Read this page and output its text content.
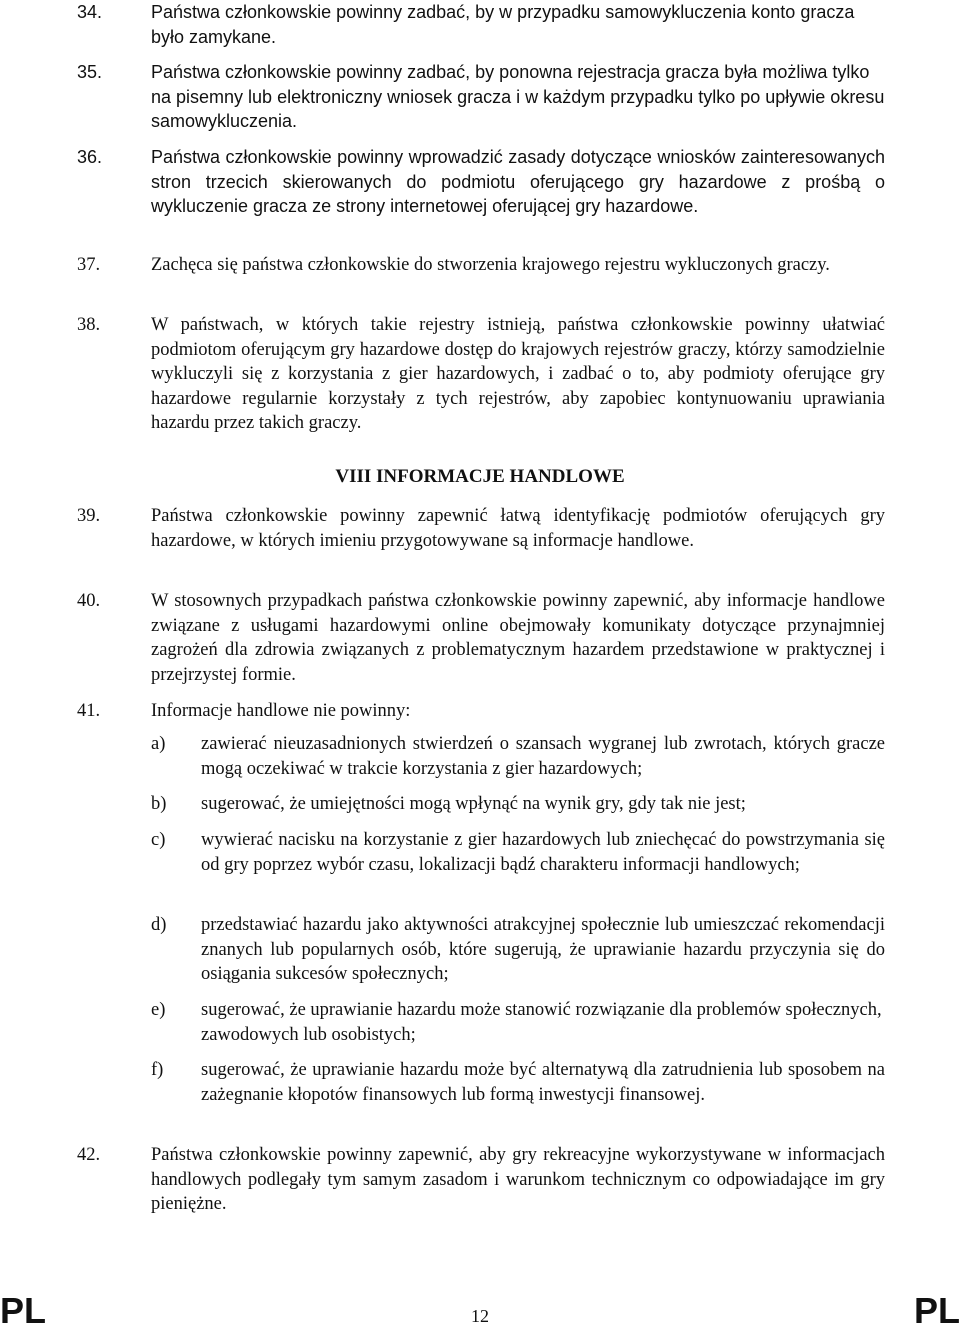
34.	Państwa członkowskie powinny zadbać, by w przypadku samowykluczenia konto gracza było zamykane.
35.	Państwa członkowskie powinny zadbać, by ponowna rejestracja gracza była możliwa tylko na pisemny lub elektroniczny wniosek gracza i w każdym przypadku tylko po upływie okresu samowykluczenia.
36.	Państwa członkowskie powinny wprowadzić zasady dotyczące wniosków zainteresowanych stron trzecich skierowanych do podmiotu oferującego gry hazardowe z prośbą o wykluczenie gracza ze strony internetowej oferującej gry hazardowe.
37.	Zachęca się państwa członkowskie do stworzenia krajowego rejestru wykluczonych graczy.
38.	W państwach, w których takie rejestry istnieją, państwa członkowskie powinny ułatwiać podmiotom oferującym gry hazardowe dostęp do krajowych rejestrów graczy, którzy samodzielnie wykluczyli się z korzystania z gier hazardowych, i zadbać o to, aby podmioty oferujące gry hazardowe regularnie korzystały z tych rejestrów, aby zapobiec kontynuowaniu uprawiania hazardu przez takich graczy.
VIII INFORMACJE HANDLOWE
39.	Państwa członkowskie powinny zapewnić łatwą identyfikację podmiotów oferujących gry hazardowe, w których imieniu przygotowywane są informacje handlowe.
40.	W stosownych przypadkach państwa członkowskie powinny zapewnić, aby informacje handlowe związane z usługami hazardowymi online obejmowały komunikaty dotyczące przynajmniej zagrożeń dla zdrowia związanych z problematycznym hazardem przedstawione w praktycznej i przejrzystej formie.
41.	Informacje handlowe nie powinny:
a) zawierać nieuzasadnionych stwierdzeń o szansach wygranej lub zwrotach, których gracze mogą oczekiwać w trakcie korzystania z gier hazardowych;
b) sugerować, że umiejętności mogą wpłynąć na wynik gry, gdy tak nie jest;
c) wywierać nacisku na korzystanie z gier hazardowych lub zniechęcać do powstrzymania się od gry poprzez wybór czasu, lokalizacji bądź charakteru informacji handlowych;
d) przedstawiać hazardu jako aktywności atrakcyjnej społecznie lub umieszczać rekomendacji znanych lub popularnych osób, które sugerują, że uprawianie hazardu przyczynia się do osiągania sukcesów społecznych;
e) sugerować, że uprawianie hazardu może stanowić rozwiązanie dla problemów społecznych, zawodowych lub osobistych;
f) sugerować, że uprawianie hazardu może być alternatywą dla zatrudnienia lub sposobem na zażegnanie kłopotów finansowych lub formą inwestycji finansowej.
42.	Państwa członkowskie powinny zapewnić, aby gry rekreacyjne wykorzystywane w informacjach handlowych podlegały tym samym zasadom i warunkom technicznym co odpowiadające im gry pieniężne.
PL	12	PL
